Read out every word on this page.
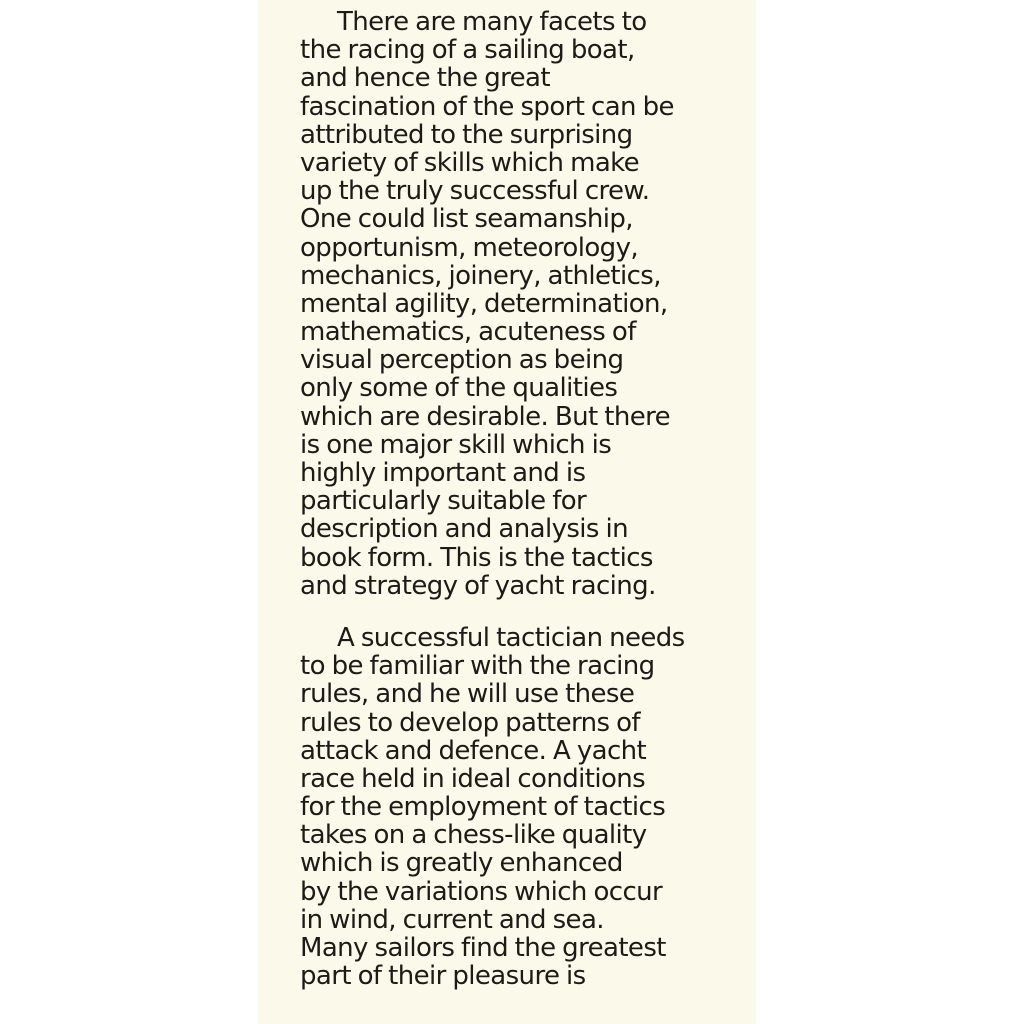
There are many facets to
the racing of a sailing boat,
and hence the great
fascination of the sport can be
attributed to the surprising
variety of skills which make
up the truly successful crew.
One could list seamanship,
opportunism, meteorology,
mechanics, joinery, athletics,
mental agility, determination,
mathematics, acuteness of
visual perception as being
only some of the qualities
which are desirable. But there
is one major skill which is
highly important and is
particularly suitable for
description and analysis in
book form. This is the tactics
and strategy of yacht racing.

A successful tactician needs
to be familiar with the racing
rules, and he will use these
rules to develop patterns of
attack and defence. A yacht
race held in ideal conditions
for the employment of tactics
takes on a chess-like quality
which is greatly enhanced
by the variations which occur
in wind, current and sea.
Many sailors find the greatest
part of their pleasure is
